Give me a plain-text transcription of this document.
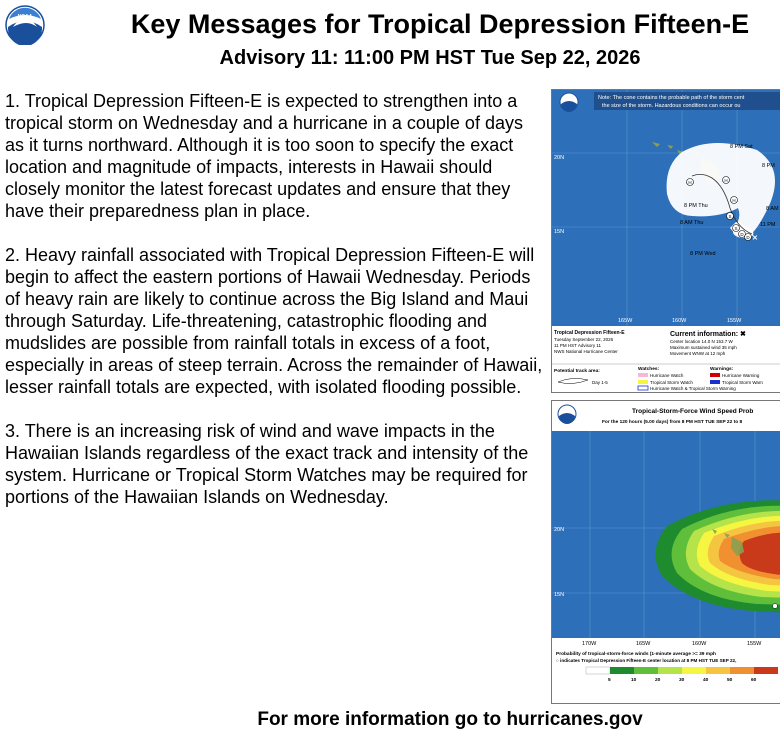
NOAA	Key Messages for Tropical Depression Fifteen-E
Advisory 11: 11:00 PM HST Tue Sep 22, 2026

1. Tropical Depression Fifteen-E is expected to strengthen into a tropical storm on Wednesday and a hurricane in a couple of days as it turns northward. Although it is too soon to specify the exact location and magnitude of impacts, interests in Hawaii should closely monitor the latest forecast updates and ensure that they have their preparedness plan in place.

2. Heavy rainfall associated with Tropical Depression Fifteen-E will begin to affect the eastern portions of Hawaii Wednesday. Periods of heavy rain are likely to continue across the Big Island and Maui through Saturday. Life-threatening, catastrophic flooding and mudslides are possible from rainfall totals in excess of a foot, especially in areas of steep terrain. Across the remainder of Hawaii, lesser rainfall totals are expected, with isolated flooding possible.

3. There is an increasing risk of wind and wave impacts in the Hawaiian Islands regardless of the exact track and intensity of the system. Hurricane or Tropical Storm Watches may be required for portions of the Hawaiian Islands on Wednesday.

Note: The cone contains the probable path of the storm cent
the size of the storm. Hazardous conditions can occur ou
H	H
H
S
S
D
D ✕
8 PM Sat
8 PM
8 AM
11 PM
8 PM Thu
8 AM Thu
8 PM Wed
20N
15N
165W	160W	155W
Tropical Depression Fifteen-E
Tuesday September 22, 2026
11 PM HST Advisory 11
NWS National Hurricane Center
Current information: ✖
Center location 14.0 N 153.7 W
Maximum sustained wind 35 mph
Movement WNW at 12 mph
Potential track area:
Day 1-5
Watches:
Hurricane Watch
Tropical Storm Watch
Warnings:
Hurricane Warning
Tropical Storm Warn
Hurricane Watch & Tropical Storm Warning
Tropical-Storm-Force Wind Speed Prob
For the 120 hours (5.00 days) from 8 PM HST TUE SEP 22 to 8
20N
15N
170W	165W	160W	155W
Probability of tropical-storm-force winds (1-minute average >= 39 mph
○ indicates Tropical Depression Fifteen-E center location at 8 PM HST TUE SEP 22,
5	10	20	30	40	50	60
For more information go to hurricanes.gov
